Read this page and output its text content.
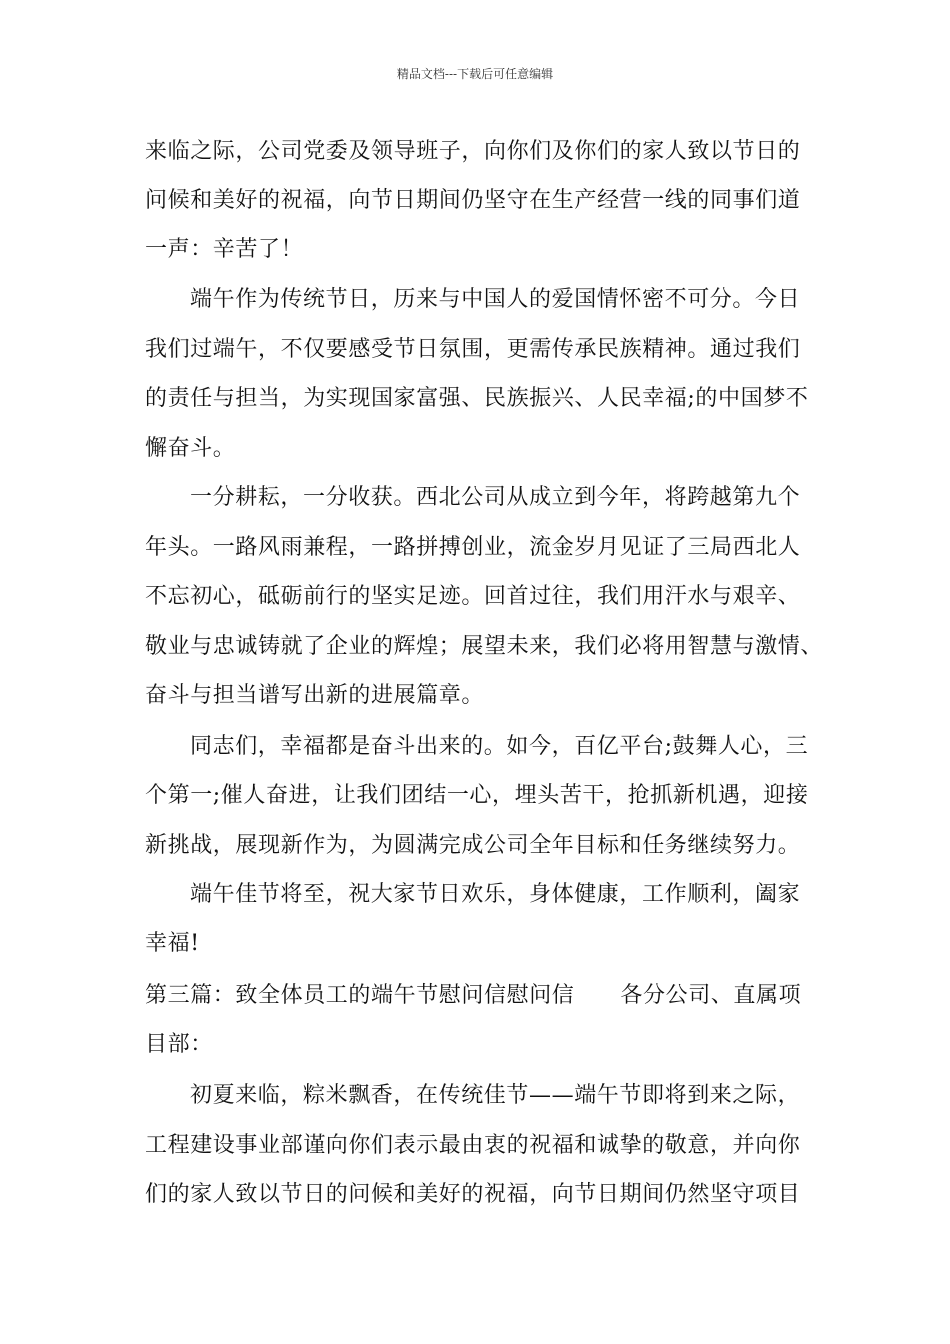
精品文档---下载后可任意编辑
来临之际，公司党委及领导班子，向你们及你们的家人致以节日的
问候和美好的祝福，向节日期间仍坚守在生产经营一线的同事们道
一声：辛苦了！
端午作为传统节日，历来与中国人的爱国情怀密不可分。今日
我们过端午，不仅要感受节日氛围，更需传承民族精神。通过我们
的责任与担当，为实现国家富强、民族振兴、人民幸福;的中国梦不
懈奋斗。
一分耕耘，一分收获。西北公司从成立到今年，将跨越第九个
年头。一路风雨兼程，一路拼搏创业，流金岁月见证了三局西北人
不忘初心，砥砺前行的坚实足迹。回首过往，我们用汗水与艰辛、
敬业与忠诚铸就了企业的辉煌；展望未来，我们必将用智慧与激情、
奋斗与担当谱写出新的进展篇章。
同志们，幸福都是奋斗出来的。如今，百亿平台;鼓舞人心，三
个第一;催人奋进，让我们团结一心，埋头苦干，抢抓新机遇，迎接
新挑战，展现新作为，为圆满完成公司全年目标和任务继续努力。
端午佳节将至，祝大家节日欢乐，身体健康，工作顺利，阖家
幸福!
第三篇：致全体员工的端午节慰问信慰问信 各分公司、直属项
目部：
初夏来临，粽米飘香，在传统佳节——端午节即将到来之际，
工程建设事业部谨向你们表示最由衷的祝福和诚挚的敬意，并向你
们的家人致以节日的问候和美好的祝福，向节日期间仍然坚守项目
